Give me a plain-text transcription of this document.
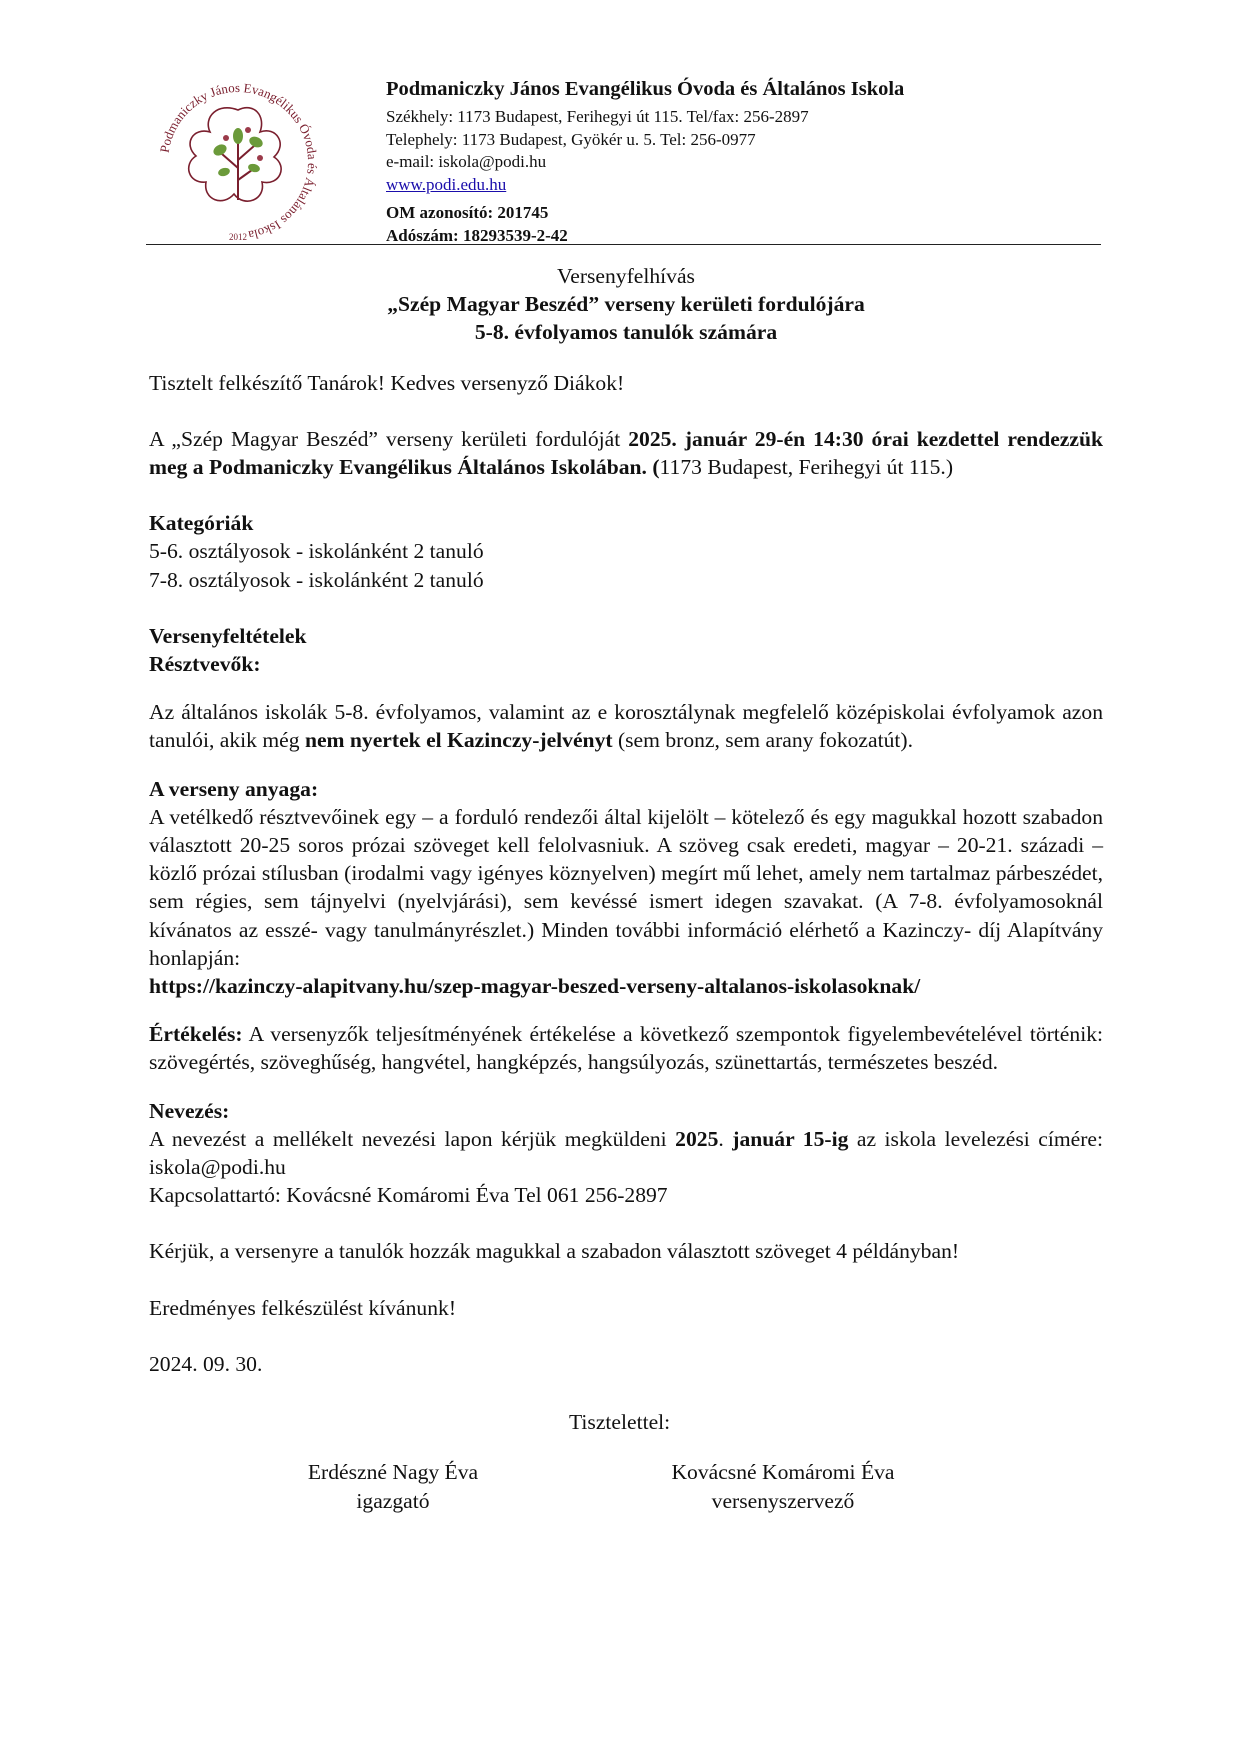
Podmaniczky János Evangélikus Óvoda és Általános Iskola
2012
Podmaniczky János Evangélikus Óvoda és Általános Iskola
Székhely: 1173 Budapest, Ferihegyi út 115. Tel/fax: 256-2897
Telephely: 1173 Budapest, Gyökér u. 5. Tel: 256-0977
e-mail: iskola@podi.hu
www.podi.edu.hu
OM azonosító: 201745
Adószám: 18293539-2-42
Versenyfelhívás
„Szép Magyar Beszéd” verseny kerületi fordulójára
5-8. évfolyamos tanulók számára

Tisztelt felkészítő Tanárok! Kedves versenyző Diákok!

A „Szép Magyar Beszéd” verseny kerületi fordulóját 2025. január 29-én 14:30 órai kezdettel rendezzük meg a Podmaniczky Evangélikus Általános Iskolában. (1173 Budapest, Ferihegyi út 115.)

Kategóriák
5-6. osztályosok - iskolánként 2 tanuló
7-8. osztályosok - iskolánként 2 tanuló
Versenyfeltételek
Résztvevők:

Az általános iskolák 5-8. évfolyamos, valamint az e korosztálynak megfelelő középiskolai évfolyamok azon tanulói, akik még nem nyertek el Kazinczy-jelvényt (sem bronz, sem arany fokozatút).

A verseny anyaga:

A vetélkedő résztvevőinek egy – a forduló rendezői által kijelölt – kötelező és egy magukkal hozott szabadon választott 20-25 soros prózai szöveget kell felolvasniuk. A szöveg csak eredeti, magyar – 20-21. századi – közlő prózai stílusban (irodalmi vagy igényes köznyelven) megírt mű lehet, amely nem tartalmaz párbeszédet, sem régies, sem tájnyelvi (nyelvjárási), sem kevéssé ismert idegen szavakat. (A 7-8. évfolyamosoknál kívánatos az esszé- vagy tanulmányrészlet.) Minden további információ elérhető a Kazinczy- díj Alapítvány honlapján:

https://kazinczy-alapitvany.hu/szep-magyar-beszed-verseny-altalanos-iskolasoknak/

Értékelés: A versenyzők teljesítményének értékelése a következő szempontok figyelembevételével történik: szövegértés, szöveghűség, hangvétel, hangképzés, hangsúlyozás, szünettartás, természetes beszéd.

Nevezés:

A nevezést a mellékelt nevezési lapon kérjük megküldeni 2025. január 15-ig az iskola levelezési címére: iskola@podi.hu

Kapcsolattartó: Kovácsné Komáromi Éva Tel 061 256-2897

Kérjük, a versenyre a tanulók hozzák magukkal a szabadon választott szöveget 4 példányban!

Eredményes felkészülést kívánunk!

2024. 09. 30.

Tisztelettel:

Erdészné Nagy Éva
igazgató
Kovácsné Komáromi Éva
versenyszervező
